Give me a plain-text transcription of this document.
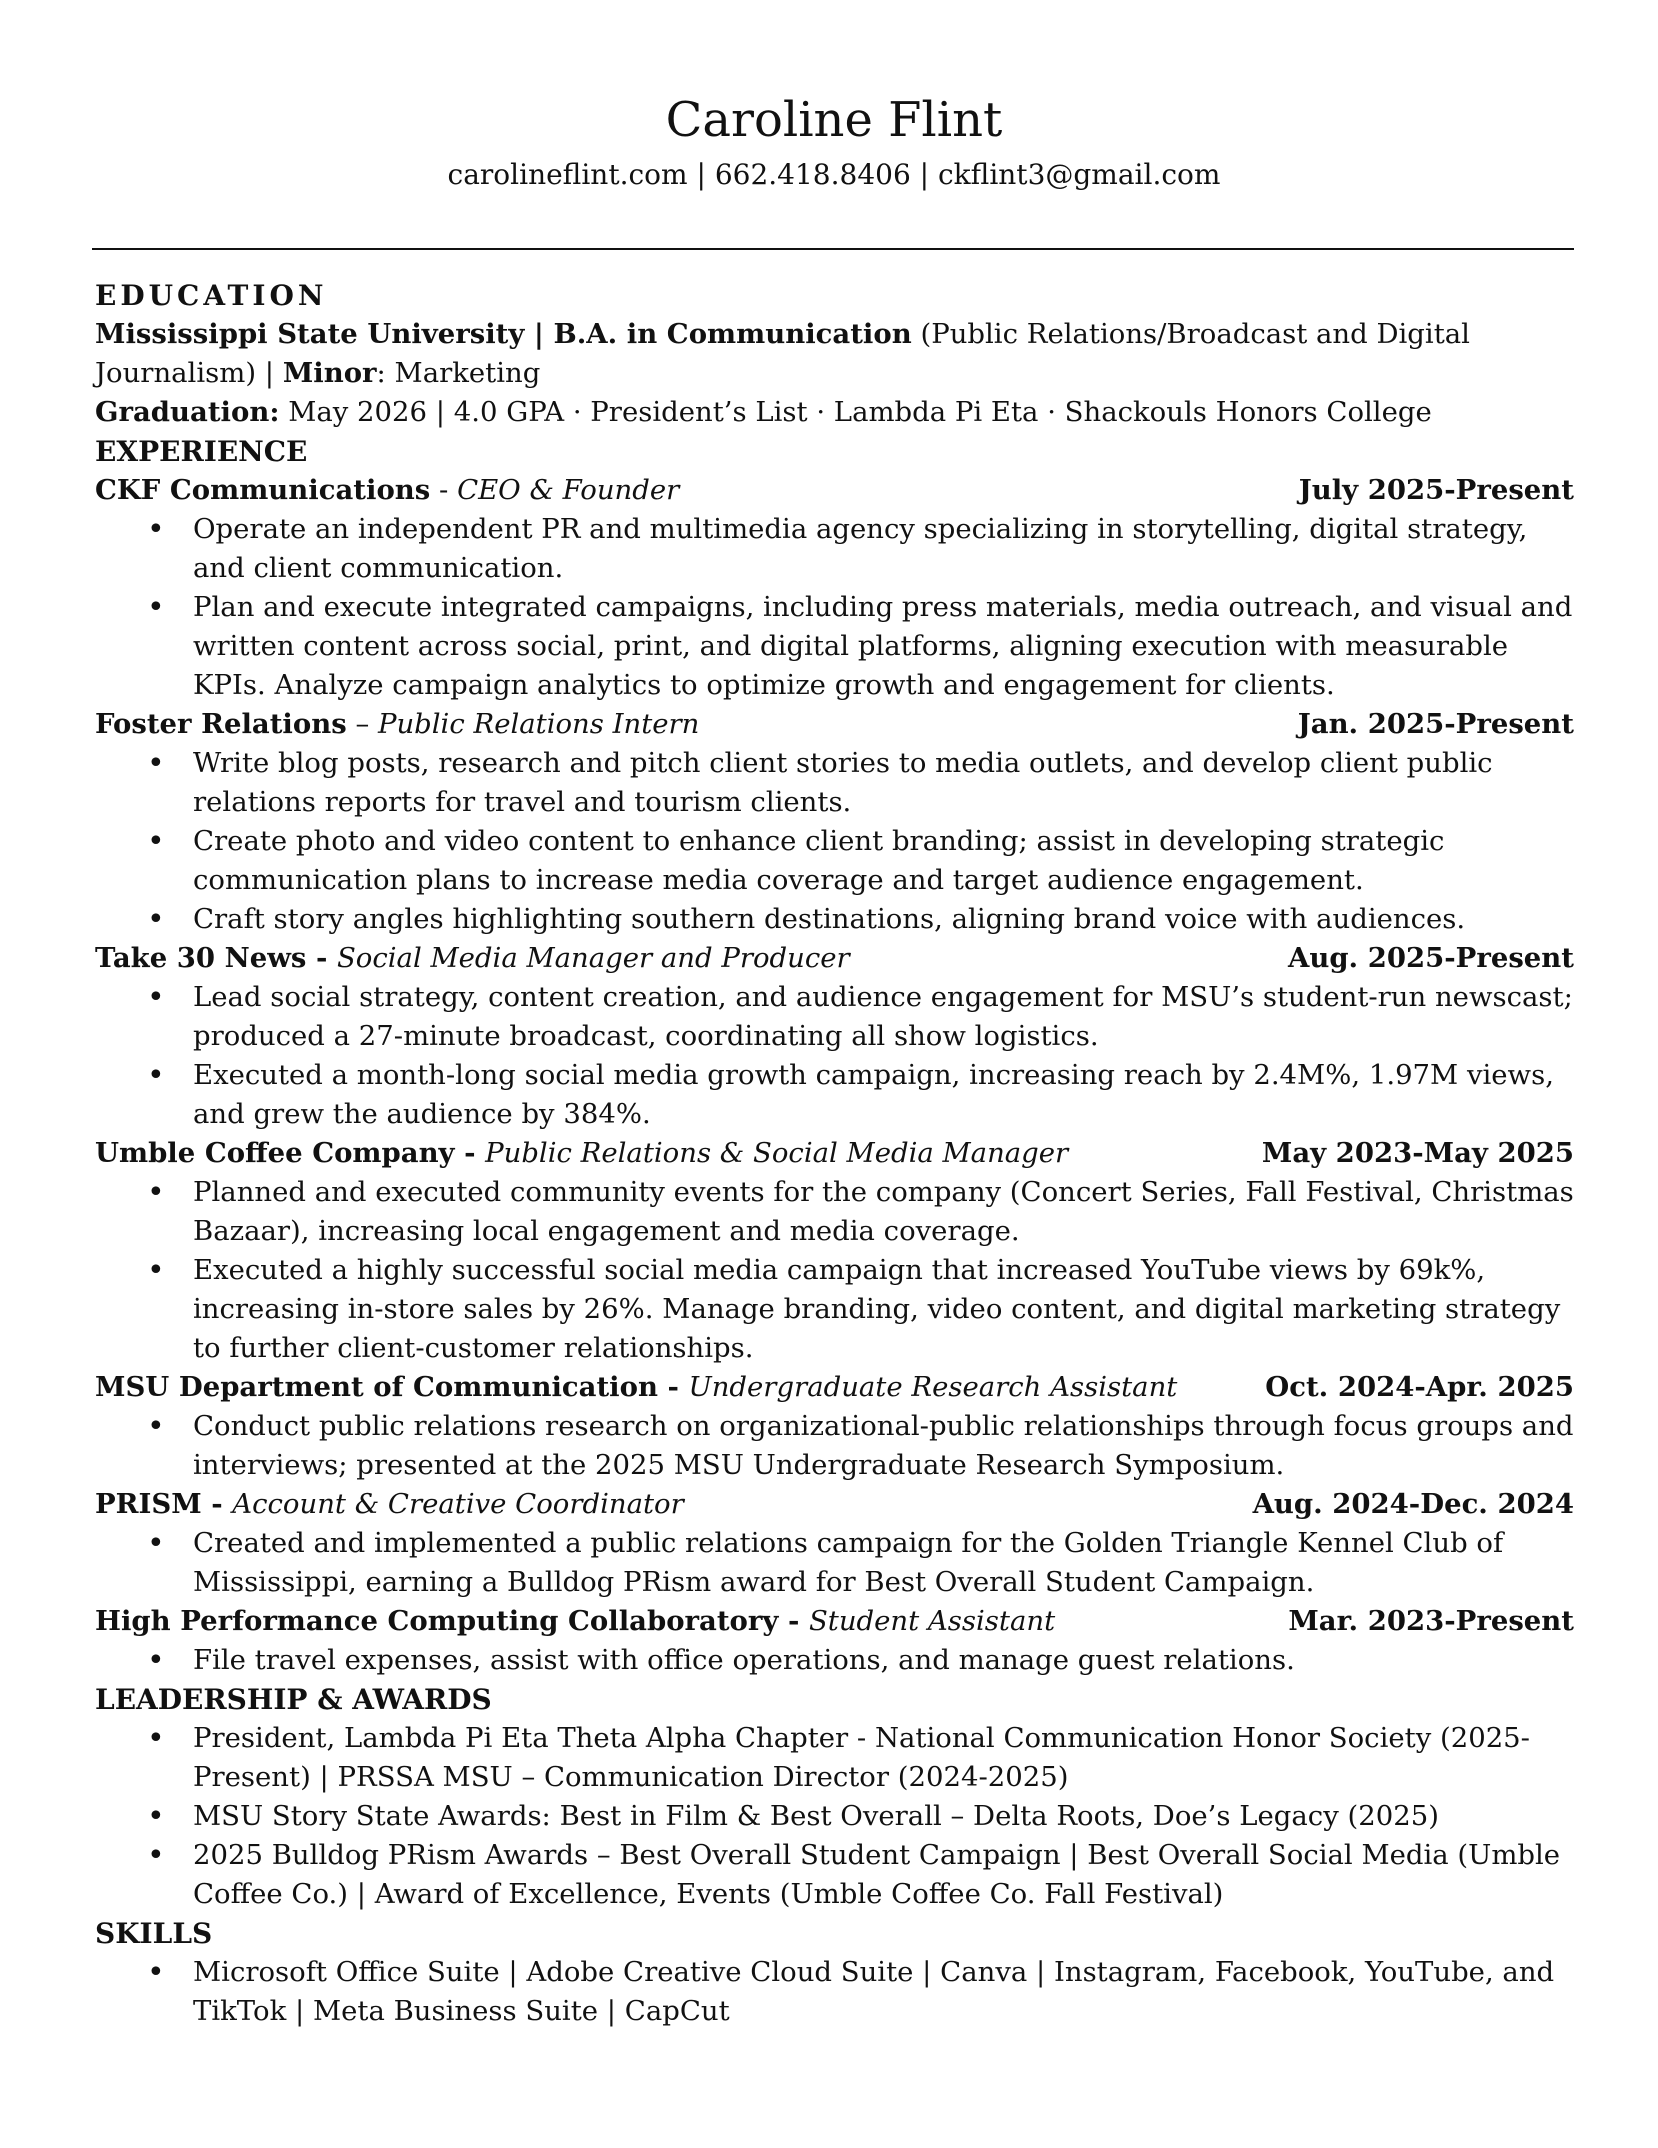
Caroline Flint
carolineflint.com | 662.418.8406 | ckflint3@gmail.com
EDUCATION
Mississippi State University | B.A. in Communication (Public Relations/Broadcast and Digital Journalism) | Minor: Marketing
Graduation: May 2026 | 4.0 GPA · President’s List · Lambda Pi Eta · Shackouls Honors College
EXPERIENCE
CKF Communications - CEO & Founder	July 2025-Present
• Operate an independent PR and multimedia agency specializing in storytelling, digital strategy, and client communication.
• Plan and execute integrated campaigns, including press materials, media outreach, and visual and written content across social, print, and digital platforms, aligning execution with measurable KPIs. Analyze campaign analytics to optimize growth and engagement for clients.
Foster Relations – Public Relations Intern	Jan. 2025-Present
• Write blog posts, research and pitch client stories to media outlets, and develop client public relations reports for travel and tourism clients.
• Create photo and video content to enhance client branding; assist in developing strategic communication plans to increase media coverage and target audience engagement.
• Craft story angles highlighting southern destinations, aligning brand voice with audiences.
Take 30 News - Social Media Manager and Producer	Aug. 2025-Present
• Lead social strategy, content creation, and audience engagement for MSU’s student-run newscast; produced a 27-minute broadcast, coordinating all show logistics.
• Executed a month-long social media growth campaign, increasing reach by 2.4M%, 1.97M views, and grew the audience by 384%.
Umble Coffee Company - Public Relations & Social Media Manager	May 2023-May 2025
• Planned and executed community events for the company (Concert Series, Fall Festival, Christmas Bazaar), increasing local engagement and media coverage.
• Executed a highly successful social media campaign that increased YouTube views by 69k%, increasing in-store sales by 26%. Manage branding, video content, and digital marketing strategy to further client-customer relationships.
MSU Department of Communication - Undergraduate Research Assistant	Oct. 2024-Apr. 2025
• Conduct public relations research on organizational-public relationships through focus groups and interviews; presented at the 2025 MSU Undergraduate Research Symposium.
PRISM - Account & Creative Coordinator	Aug. 2024-Dec. 2024
• Created and implemented a public relations campaign for the Golden Triangle Kennel Club of Mississippi, earning a Bulldog PRism award for Best Overall Student Campaign.
High Performance Computing Collaboratory - Student Assistant	Mar. 2023-Present
• File travel expenses, assist with office operations, and manage guest relations.
LEADERSHIP & AWARDS
• President, Lambda Pi Eta Theta Alpha Chapter - National Communication Honor Society (2025-Present) | PRSSA MSU – Communication Director (2024-2025)
• MSU Story State Awards: Best in Film & Best Overall – Delta Roots, Doe’s Legacy (2025)
• 2025 Bulldog PRism Awards – Best Overall Student Campaign | Best Overall Social Media (Umble Coffee Co.) | Award of Excellence, Events (Umble Coffee Co. Fall Festival)
SKILLS
• Microsoft Office Suite | Adobe Creative Cloud Suite | Canva | Instagram, Facebook, YouTube, and TikTok | Meta Business Suite | CapCut
